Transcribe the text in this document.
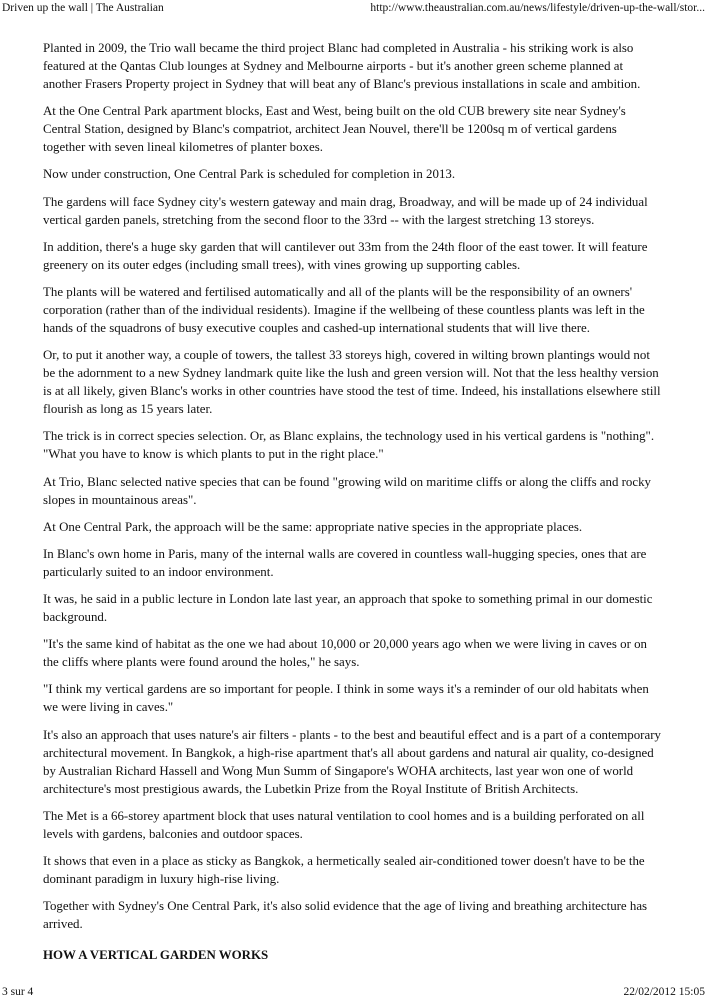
Driven up the wall | The Australian	http://www.theaustralian.com.au/news/lifestyle/driven-up-the-wall/stor...

Planted in 2009, the Trio wall became the third project Blanc had completed in Australia - his striking work is also featured at the Qantas Club lounges at Sydney and Melbourne airports - but it's another green scheme planned at another Frasers Property project in Sydney that will beat any of Blanc's previous installations in scale and ambition.

At the One Central Park apartment blocks, East and West, being built on the old CUB brewery site near Sydney's Central Station, designed by Blanc's compatriot, architect Jean Nouvel, there'll be 1200sq m of vertical gardens together with seven lineal kilometres of planter boxes.

Now under construction, One Central Park is scheduled for completion in 2013.

The gardens will face Sydney city's western gateway and main drag, Broadway, and will be made up of 24 individual vertical garden panels, stretching from the second floor to the 33rd -- with the largest stretching 13 storeys.

In addition, there's a huge sky garden that will cantilever out 33m from the 24th floor of the east tower. It will feature greenery on its outer edges (including small trees), with vines growing up supporting cables.

The plants will be watered and fertilised automatically and all of the plants will be the responsibility of an owners' corporation (rather than of the individual residents). Imagine if the wellbeing of these countless plants was left in the hands of the squadrons of busy executive couples and cashed-up international students that will live there.

Or, to put it another way, a couple of towers, the tallest 33 storeys high, covered in wilting brown plantings would not be the adornment to a new Sydney landmark quite like the lush and green version will. Not that the less healthy version is at all likely, given Blanc's works in other countries have stood the test of time. Indeed, his installations elsewhere still flourish as long as 15 years later.

The trick is in correct species selection. Or, as Blanc explains, the technology used in his vertical gardens is "nothing". "What you have to know is which plants to put in the right place."

At Trio, Blanc selected native species that can be found "growing wild on maritime cliffs or along the cliffs and rocky slopes in mountainous areas".

At One Central Park, the approach will be the same: appropriate native species in the appropriate places.

In Blanc's own home in Paris, many of the internal walls are covered in countless wall-hugging species, ones that are particularly suited to an indoor environment.

It was, he said in a public lecture in London late last year, an approach that spoke to something primal in our domestic background.

"It's the same kind of habitat as the one we had about 10,000 or 20,000 years ago when we were living in caves or on the cliffs where plants were found around the holes," he says.

"I think my vertical gardens are so important for people. I think in some ways it's a reminder of our old habitats when we were living in caves."

It's also an approach that uses nature's air filters - plants - to the best and beautiful effect and is a part of a contemporary architectural movement. In Bangkok, a high-rise apartment that's all about gardens and natural air quality, co-designed by Australian Richard Hassell and Wong Mun Summ of Singapore's WOHA architects, last year won one of world architecture's most prestigious awards, the Lubetkin Prize from the Royal Institute of British Architects.

The Met is a 66-storey apartment block that uses natural ventilation to cool homes and is a building perforated on all levels with gardens, balconies and outdoor spaces.

It shows that even in a place as sticky as Bangkok, a hermetically sealed air-conditioned tower doesn't have to be the dominant paradigm in luxury high-rise living.

Together with Sydney's One Central Park, it's also solid evidence that the age of living and breathing architecture has arrived.

HOW A VERTICAL GARDEN WORKS
3 sur 4	22/02/2012 15:05
